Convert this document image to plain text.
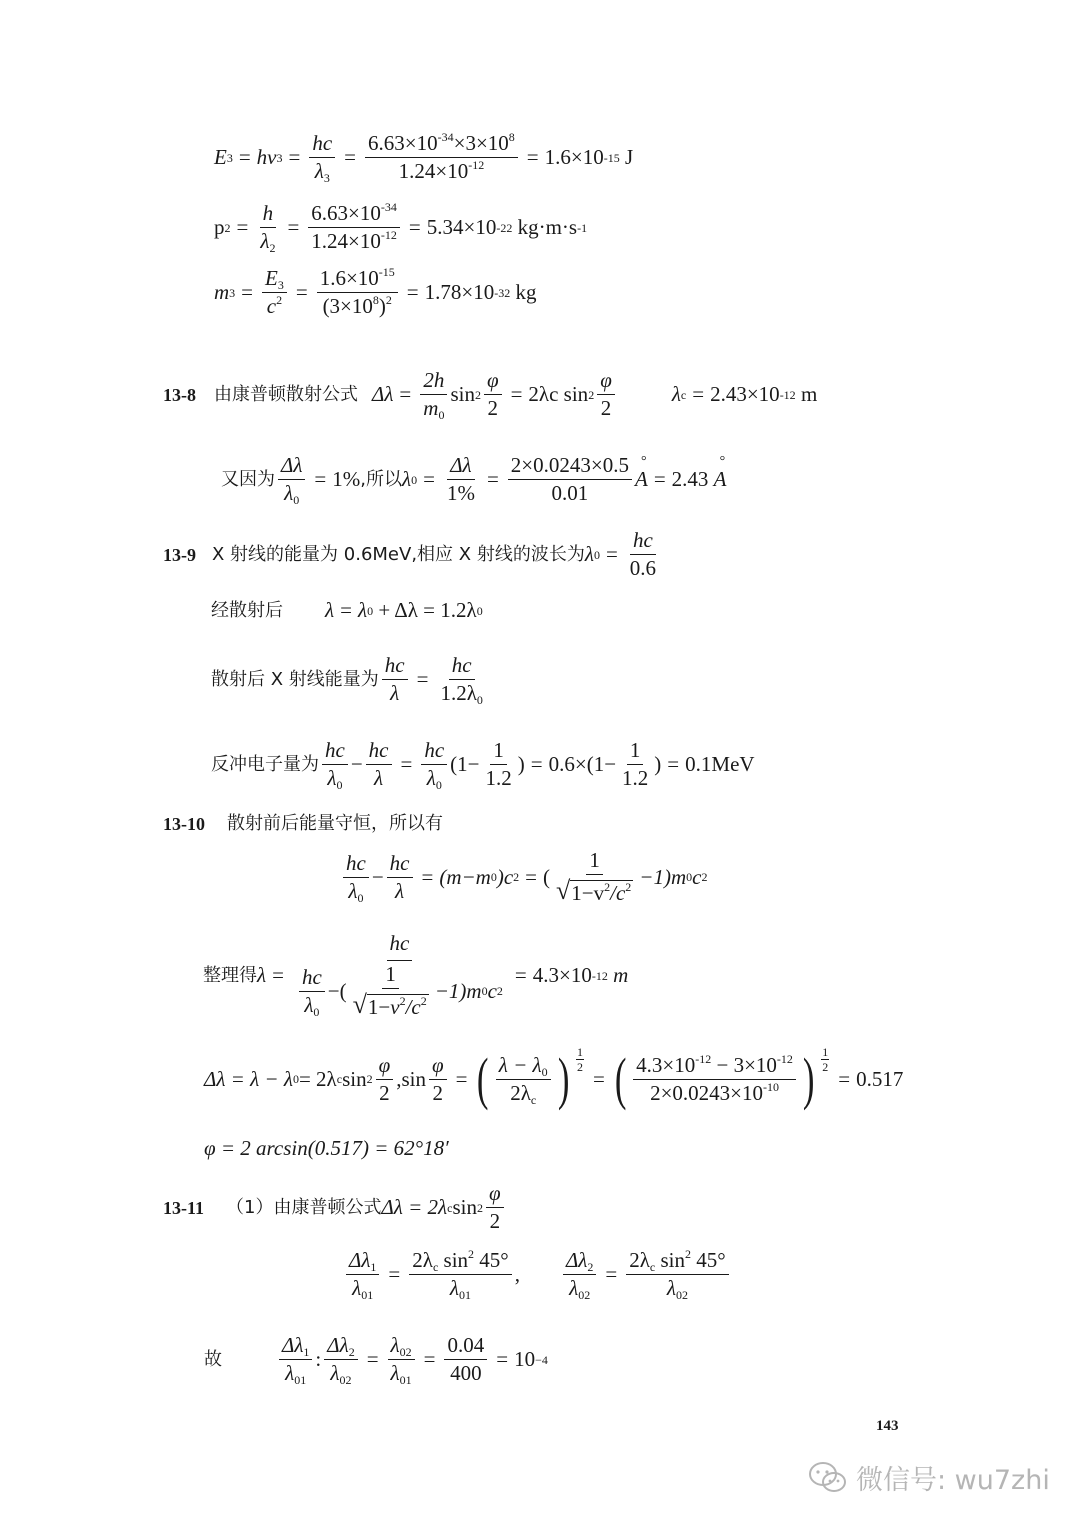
E 3 = hν $3 = \frac{hc}{\lambda_3} = \frac{6.63\times 10^{-34}\times 3\times 10^8}{1.24\times 10^{-12}} = 1.6\times 10$ -15
J
p $2 = \frac{h}{\lambda_2} = \frac{6.63\times 10^{-34}}{1.24\times 10^{-12}} = 5.34\times 10$ -22
kg·m·s -1
m $3 = \frac{E_3}{c^2} = \frac{1.6\times 10^{-15}}{(3\times 10^8)^2} = 1.78\times 10$ -32
kg
13-8 由康普顿散射公式 $\Delta\lambda = \frac{2h}{m_0}$ $\sin 2 \frac{\varphi}{2} = 2\lambda c$ $\sin 2 \frac{\varphi}{2}$	λ c = 2.43×10 -12
m
又因为 $\frac{\Delta\lambda}{\lambda_0} = 1\%$ ,所以 λ $0 = \frac{\Delta\lambda}{1\%} = \frac{2\times 0.0243\times 0.5}{0.01}$ ° A = 2.43
° A
13-9 X 射线的能量为 0.6MeV,相应 X 射线的波长为 λ $0 = \frac{hc}{0.6}$
经散射后 λ = λ 0
+ Δλ = 1.2λ 0
散射后 X 射线能量为 $\frac{hc}{\lambda} = \frac{hc}{1.2\lambda_0}$
反冲电子量为 $\frac{hc}{\lambda_0} - \frac{hc}{\lambda} = \frac{hc}{\lambda_0} (1- \frac{1}{1.2}$ ) = $0.6\times(1- \frac{1}{1.2}$ ) = 0.1MeV
13-10 散射前后能量守恒，所以有
$\frac{hc}{\lambda_0} - \frac{hc}{\lambda} = (m-m$ 0 )c 2 = ( $\frac{1}{√ 1-v^2/c^2} -1)m$ 0 c 2
整理得 $\lambda = \frac{hc}{\frac{hc}{\lambda_0} -( \frac{1}{√ 1-v^2/c^2} -1)m 0 c 2} = 4.3\times 10$ -12
m
Δλ = λ − λ 0 = 2λ c $\sin 2 \frac{\varphi}{2} ,\sin \frac{\varphi}{2}$ = ( $\frac{\lambda - \lambda_0}{2\lambda_c}$ ) $\frac{1}{2}$
= ( $\frac{4.3\times 10^{-12} - 3\times 10^{-12}}{2\times 0.0243\times 10^{-10}}$ ) $\frac{1}{2}$
= 0.517
φ = 2 arcsin(0.517) = 62°18′
13-11 （1）由康普顿公式 Δλ = 2λ c $\sin 2 \frac{\varphi}{2}$
$\frac{\Delta\lambda_1}{\lambda_{01}} = \frac{2\lambda_c \sin^2 45^\circ}{\lambda_{01}}$ , $\frac{\Delta\lambda_2}{\lambda_{02}} = \frac{2\lambda_c \sin^2 45^\circ}{\lambda_{02}}$
故	$\frac{\Delta\lambda_1}{\lambda_{01}}$ : $\frac{\Delta\lambda_2}{\lambda_{02}} = \frac{\lambda_{02}}{\lambda_{01}} = \frac{0.04}{400} = 10 -4$
143
微信号: wu7zhi
